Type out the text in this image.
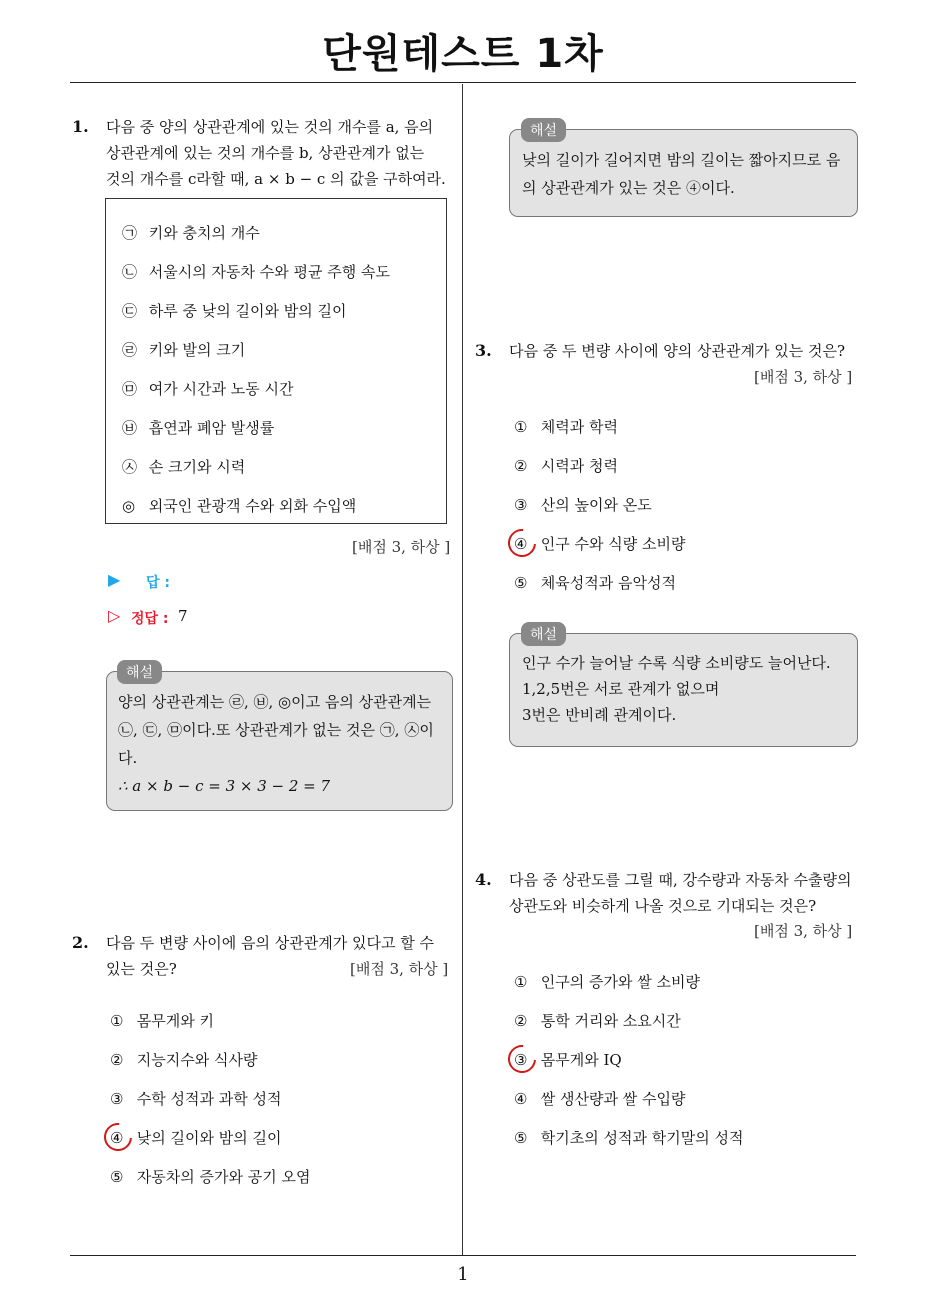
단원테스트 1차
1
1. 다음 중 양의 상관관계에 있는 것의 개수를 a, 음의
상관관계에 있는 것의 개수를 b, 상관관계가 없는
것의 개수를 c라할 때, a × b − c 의 값을 구하여라.
㉠ 키와 충치의 개수
㉡ 서울시의 자동차 수와 평균 주행 속도
㉢ 하루 중 낮의 길이와 밤의 길이
㉣ 키와 발의 크기
㉤ 여가 시간과 노동 시간
㉥ 흡연과 폐암 발생률
㉦ 손 크기와 시력
◎ 외국인 관광객 수와 외화 수입액
[배점 3, 하상 ]
▶ 답 :
▷ 정답 : 7
해설
양의 상관관계는 ㉣, ㉥, ◎이고 음의 상관관계는
㉡, ㉢, ㉤이다.또 상관관계가 없는 것은 ㉠, ㉦이
다.
∴ a × b − c = 3 × 3 − 2 = 7
2. 다음 두 변량 사이에 음의 상관관계가 있다고 할 수
있는 것은?	[배점 3, 하상 ]
① 몸무게와 키
② 지능지수와 식사량
③ 수학 성적과 과학 성적
④ 낮의 길이와 밤의 길이
⑤ 자동차의 증가와 공기 오염
해설
낮의 길이가 길어지면 밤의 길이는 짧아지므로 음
의 상관관계가 있는 것은 ④이다.
3. 다음 중 두 변량 사이에 양의 상관관계가 있는 것은?
[배점 3, 하상 ]
① 체력과 학력
② 시력과 청력
③ 산의 높이와 온도
④ 인구 수와 식량 소비량
⑤ 체육성적과 음악성적
해설
인구 수가 늘어날 수록 식량 소비량도 늘어난다.
1,2,5번은 서로 관계가 없으며
3번은 반비례 관계이다.
4. 다음 중 상관도를 그릴 때, 강수량과 자동차 수출량의
상관도와 비슷하게 나올 것으로 기대되는 것은?
[배점 3, 하상 ]
① 인구의 증가와 쌀 소비량
② 통학 거리와 소요시간
③ 몸무게와 IQ
④ 쌀 생산량과 쌀 수입량
⑤ 학기초의 성적과 학기말의 성적
